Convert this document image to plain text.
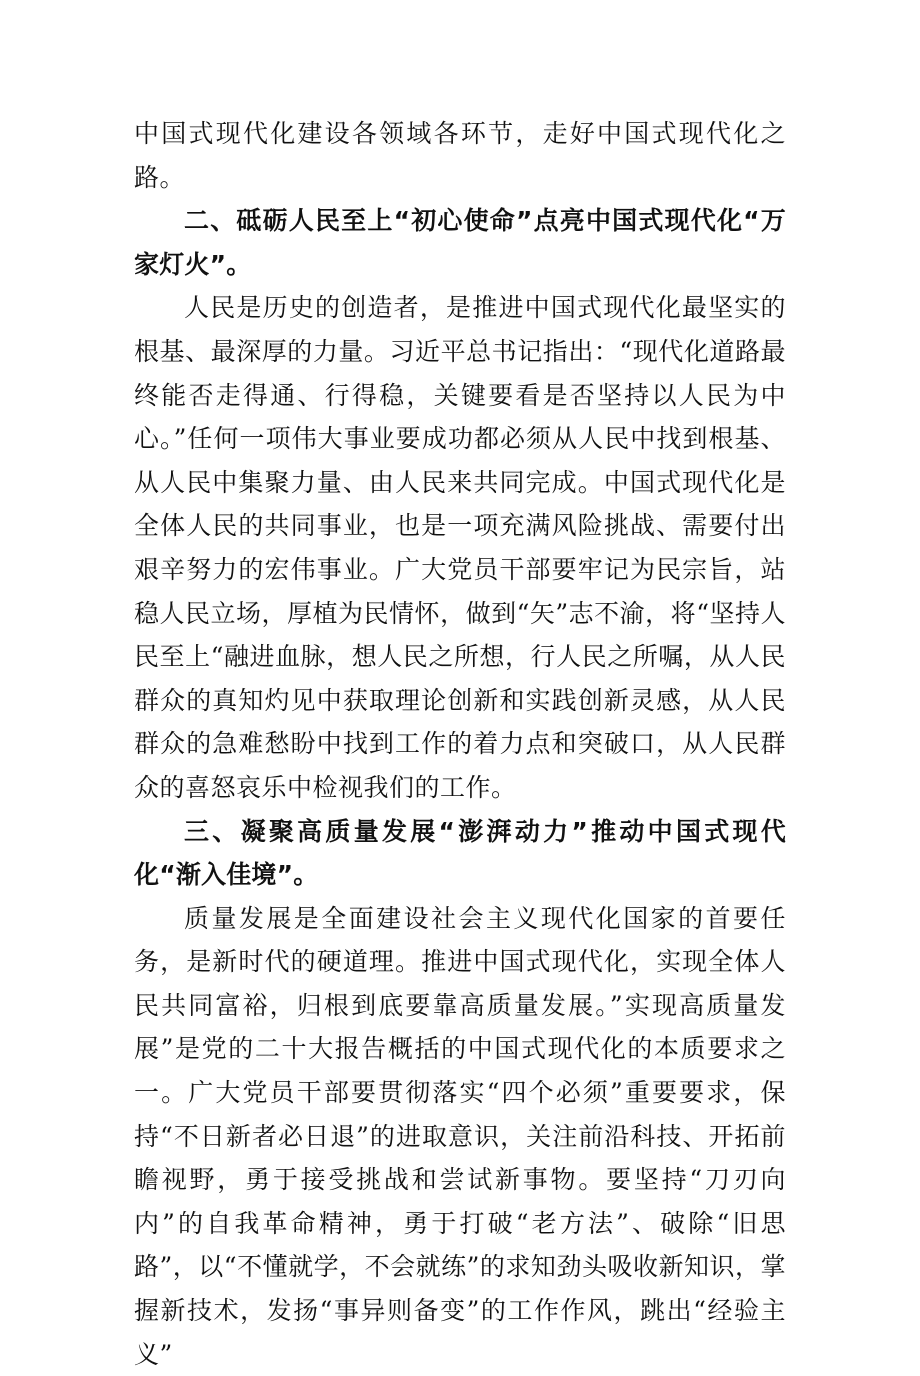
中国式现代化建设各领域各环节，走好中国式现代化之路。

二、砥砺人民至上“初心使命”点亮中国式现代化“万家灯火”。

人民是历史的创造者，是推进中国式现代化最坚实的根基、最深厚的力量。习近平总书记指出：“现代化道路最终能否走得通、行得稳，关键要看是否坚持以人民为中心。”任何一项伟大事业要成功都必须从人民中找到根基、从人民中集聚力量、由人民来共同完成。中国式现代化是全体人民的共同事业，也是一项充满风险挑战、需要付出艰辛努力的宏伟事业。广大党员干部要牢记为民宗旨，站稳人民立场，厚植为民情怀，做到“矢”志不渝，将“坚持人民至上“融进血脉，想人民之所想，行人民之所嘱，从人民群众的真知灼见中获取理论创新和实践创新灵感，从人民群众的急难愁盼中找到工作的着力点和突破口，从人民群众的喜怒哀乐中检视我们的工作。

三、凝聚高质量发展“澎湃动力”推动中国式现代化“渐入佳境”。

质量发展是全面建设社会主义现代化国家的首要任务，是新时代的硬道理。推进中国式现代化，实现全体人民共同富裕，归根到底要靠高质量发展。”实现高质量发展”是党的二十大报告概括的中国式现代化的本质要求之一。广大党员干部要贯彻落实“四个必须”重要要求，保持“不日新者必日退”的进取意识，关注前沿科技、开拓前瞻视野，勇于接受挑战和尝试新事物。要坚持“刀刃向内”的自我革命精神，勇于打破“老方法”、破除“旧思路”，以“不懂就学，不会就练”的求知劲头吸收新知识，掌握新技术，发扬“事异则备变”的工作作风，跳出“经验主义”
